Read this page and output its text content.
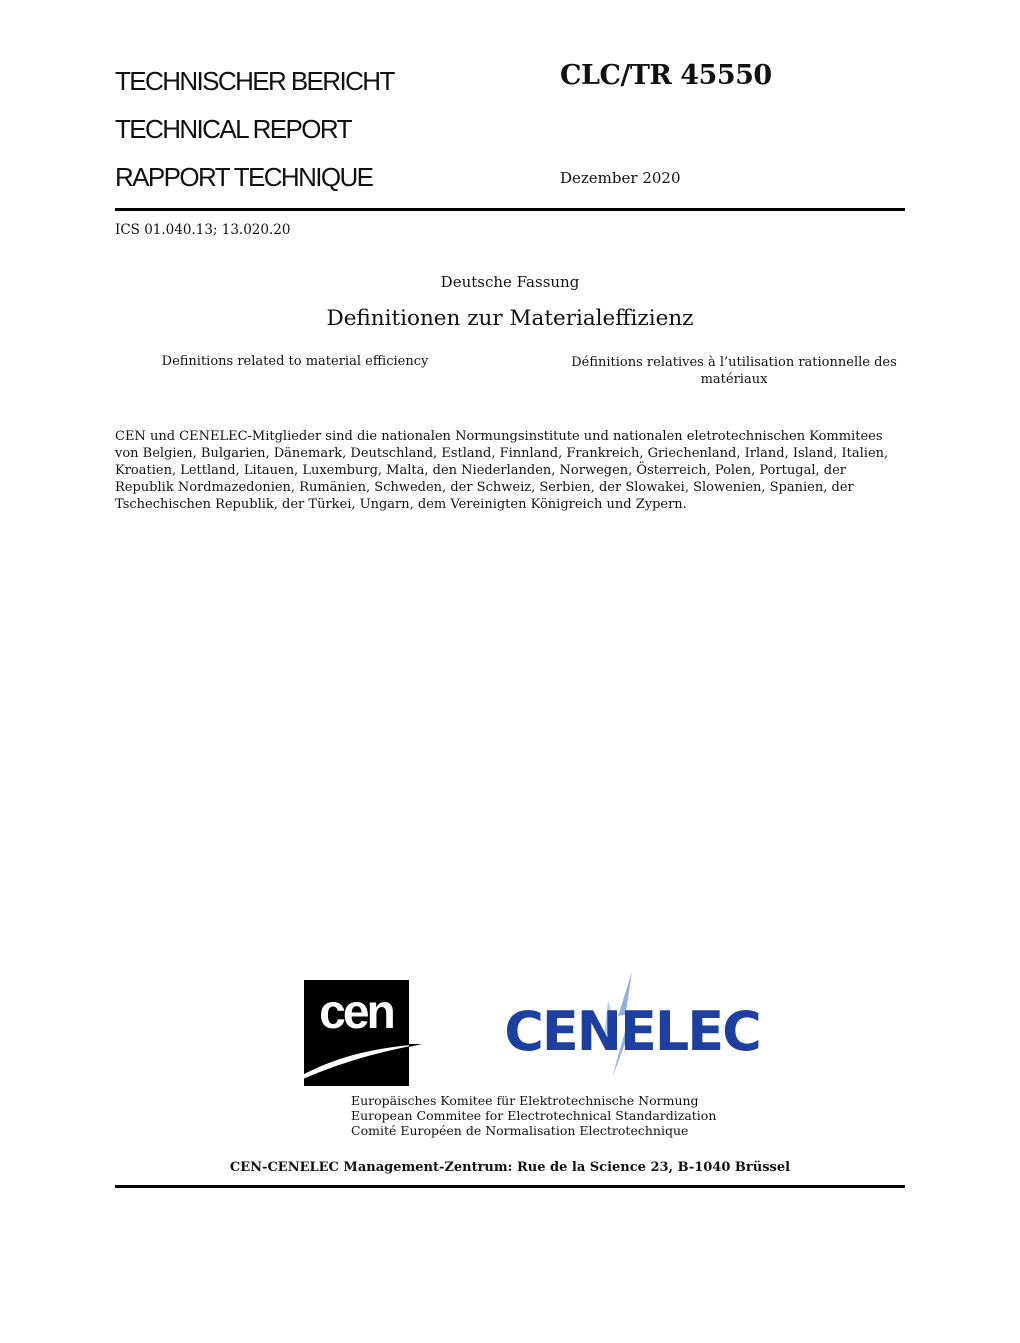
TECHNISCHER BERICHT
TECHNICAL REPORT
RAPPORT TECHNIQUE
CLC/TR 45550
Dezember 2020
ICS 01.040.13; 13.020.20
Deutsche Fassung
Definitionen zur Materialeffizienz
Definitions related to material efficiency	Définitions relatives à l’utilisation rationnelle des matériaux
CEN und CENELEC-Mitglieder sind die nationalen Normungsinstitute und nationalen eletrotechnischen Kommitees von Belgien, Bulgarien, Dänemark, Deutschland, Estland, Finnland, Frankreich, Griechenland, Irland, Island, Italien, Kroatien, Lettland, Litauen, Luxemburg, Malta, den Niederlanden, Norwegen, Österreich, Polen, Portugal, der Republik Nordmazedonien, Rumänien, Schweden, der Schweiz, Serbien, der Slowakei, Slowenien, Spanien, der Tschechischen Republik, der Türkei, Ungarn, dem Vereinigten Königreich und Zypern.
cen CENELEC
Europäisches Komitee für Elektrotechnische Normung
European Commitee for Electrotechnical Standardization
Comité Européen de Normalisation Electrotechnique
CEN-CENELEC Management-Zentrum: Rue de la Science 23, B-1040 Brüssel
